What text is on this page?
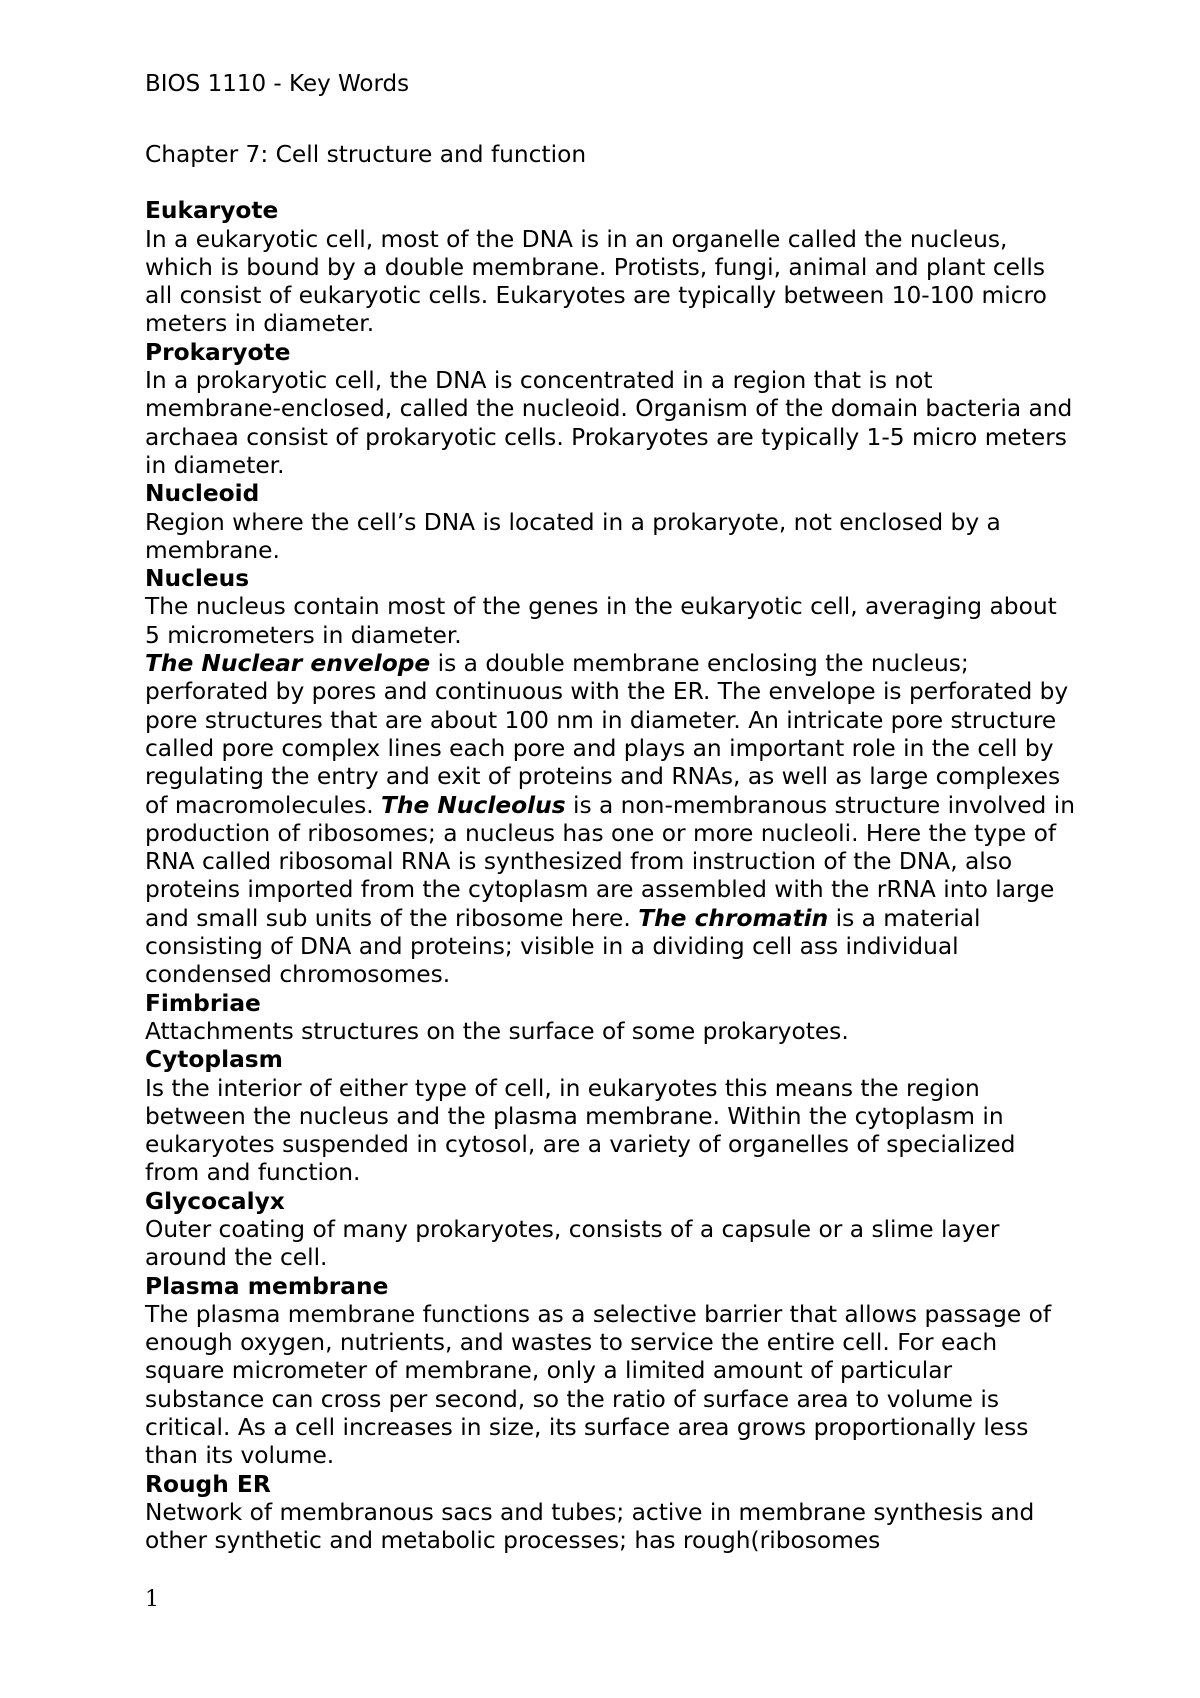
BIOS 1110 - Key Words

Chapter 7: Cell structure and function

Eukaryote

In a eukaryotic cell, most of the DNA is in an organelle called the nucleus, which is bound by a double membrane. Protists, fungi, animal and plant cells all consist of eukaryotic cells. Eukaryotes are typically between 10-100 micro meters in diameter.

Prokaryote

In a prokaryotic cell, the DNA is concentrated in a region that is not membrane-enclosed, called the nucleoid. Organism of the domain bacteria and archaea consist of prokaryotic cells. Prokaryotes are typically 1-5 micro meters in diameter.

Nucleoid

Region where the cell’s DNA is located in a prokaryote, not enclosed by a membrane.

Nucleus

The nucleus contain most of the genes in the eukaryotic cell, averaging about 5 micrometers in diameter.

The Nuclear envelope is a double membrane enclosing the nucleus; perforated by pores and continuous with the ER. The envelope is perforated by pore structures that are about 100 nm in diameter. An intricate pore structure called pore complex lines each pore and plays an important role in the cell by regulating the entry and exit of proteins and RNAs, as well as large complexes of macromolecules. The Nucleolus is a non-membranous structure involved in production of ribosomes; a nucleus has one or more nucleoli. Here the type of RNA called ribosomal RNA is synthesized from instruction of the DNA, also proteins imported from the cytoplasm are assembled with the rRNA into large and small sub units of the ribosome here. The chromatin is a material consisting of DNA and proteins; visible in a dividing cell ass individual condensed chromosomes.

Fimbriae

Attachments structures on the surface of some prokaryotes.

Cytoplasm

Is the interior of either type of cell, in eukaryotes this means the region between the nucleus and the plasma membrane. Within the cytoplasm in eukaryotes suspended in cytosol, are a variety of organelles of specialized from and function.

Glycocalyx

Outer coating of many prokaryotes, consists of a capsule or a slime layer around the cell.

Plasma membrane

The plasma membrane functions as a selective barrier that allows passage of enough oxygen, nutrients, and wastes to service the entire cell. For each square micrometer of membrane, only a limited amount of particular substance can cross per second, so the ratio of surface area to volume is critical. As a cell increases in size, its surface area grows proportionally less than its volume.

Rough ER

Network of membranous sacs and tubes; active in membrane synthesis and other synthetic and metabolic processes; has rough(ribosomes

1
